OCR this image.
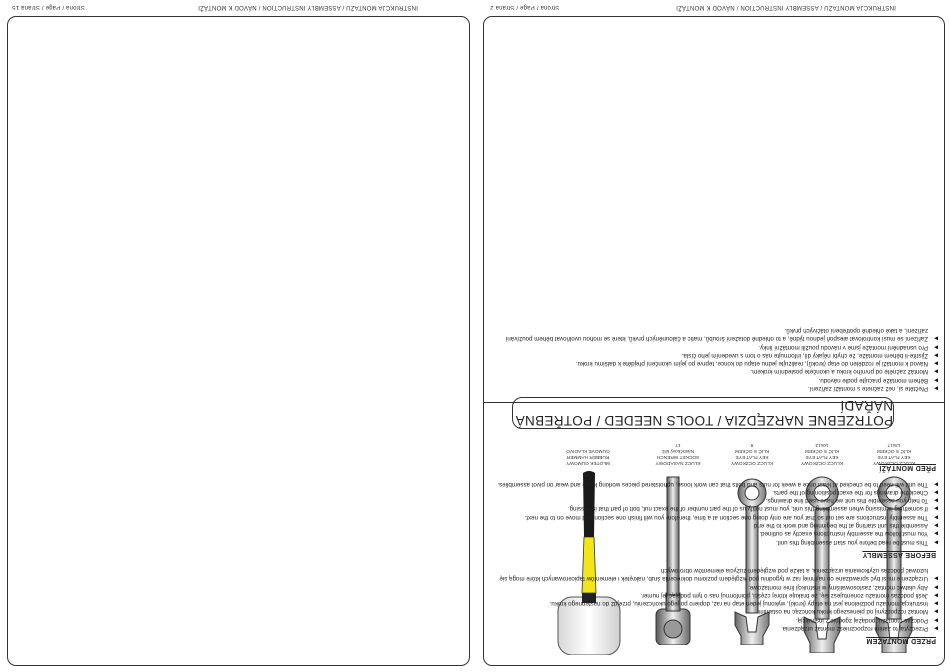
Strona / Page / Strana 15	INSTRUKCJA MONTAŻU / ASSEMBLY INSTRUCTION / NÁVOD K MONTÁŽI	Strona / Page / Strana 2	INSTRUKCJA MONTAŻU / ASSEMBLY INSTRUCTION / NÁVOD K MONTÁŽI
KLUCZ OCZKOWY
KEY FLAT EYE
KLÍČ S OČKEM
13x17
KLUCZ OCZKOWY
KEY FLAT EYE
KLÍČ S OČKEM
10x13
KLUCZ OCZKOWY
KEY FLAT EYE
KLÍČ S OČKEM
8
KLUCZ NASADOWY
SOCKET WRENCH
Nástrčkový klíč
17
MŁOTEK GUMOWY
RUBBER HAMMER
GUMOVÉ KLADIVO
POTRZEBNE NARZĘDZIA / TOOLS NEEDED / POTŘEBNÁ NÁŘADÍ
PRZED MONTAŻEM
▶ Przeczytaj to zanim rozpoczniesz montaż urządzenia
▶ Podczas montażu, podążaj zgodnie z instrukcją.
▶ Montaż rozpoczynij od pierwszego kroku kończąc na ostatnim.
▶ Instrukcja montażu podzielona jest na etapy (kroki), wykonuj jeden etap na raz, dopiero po jego ukończeniu, przejdź do następnego kroku.
▶ Jeśli podczas montażu zorientujesz się, że brakuje której części, poinformuj nas o tym podając jej numer.
▶ Aby ułatwić montaż, zastosowaliśmy w instrukcji linie montażowe.
▶ Urządzenie musi być sprawdzane co najmniej raz w tygodniu pod względem poziomu dokręcenia śrub, nakrętek i elementów tapicerowanych które mogą się luzować podczas użytkowania urządzenia, a także pod względem zużycia elementów obrotowych
BEFORE ASSEMBLY
▶ This must be read before you start assembling this unit.
▶ You must follow the assembly instructions exactly as outlined.
▶ Assemble this unit starting at the beginning and work to the end
▶ The assembly instructions are set out so that you are only doing one section at a time, therefore you will finish one section and move on to the next.
▶ If something is missing when assembling this unit, you must notify us of the part number of the exact nut, bolt of part that is missing.
▶ To help you assemble this unit we have used line drawings.
▶ Check the drawings for the exact positioning of the parts.
▶ The unit will need to be checked at least once a week for nuts and bolts that can work loose, upholstered pieces working loose and wear on pivot assemblies.
PŘED MONTÁŽÍ
▶ Přečtěte si, než začnete s montáží zařízení.
▶ Během montáže pracujte podle návodu.
▶ Montáž začněte od prvního kroku a ukončete posledním krokem.
▶ Návod k montáži je rozdělen do etap (kroků), realizujte jednu etapu do konce, teprve po jejím ukončení přejděte k dalšímu kroku.
▶ Zjistíte-li během montáže, že chybí nějaký díl, informujte nás o tom s uvedením jeho čísla.
▶ Pro usnadnění montáže jsme v návodu použili montážní linky.
▶ Zařízení se musí kontrolovat alespoň jednou týdně, a to ohledně dotažení šroubů, matic a čalouněných prvků, které se mohou uvolňovat během používání zařízení, a také ohledně opotřebení otáčivých prvků.
